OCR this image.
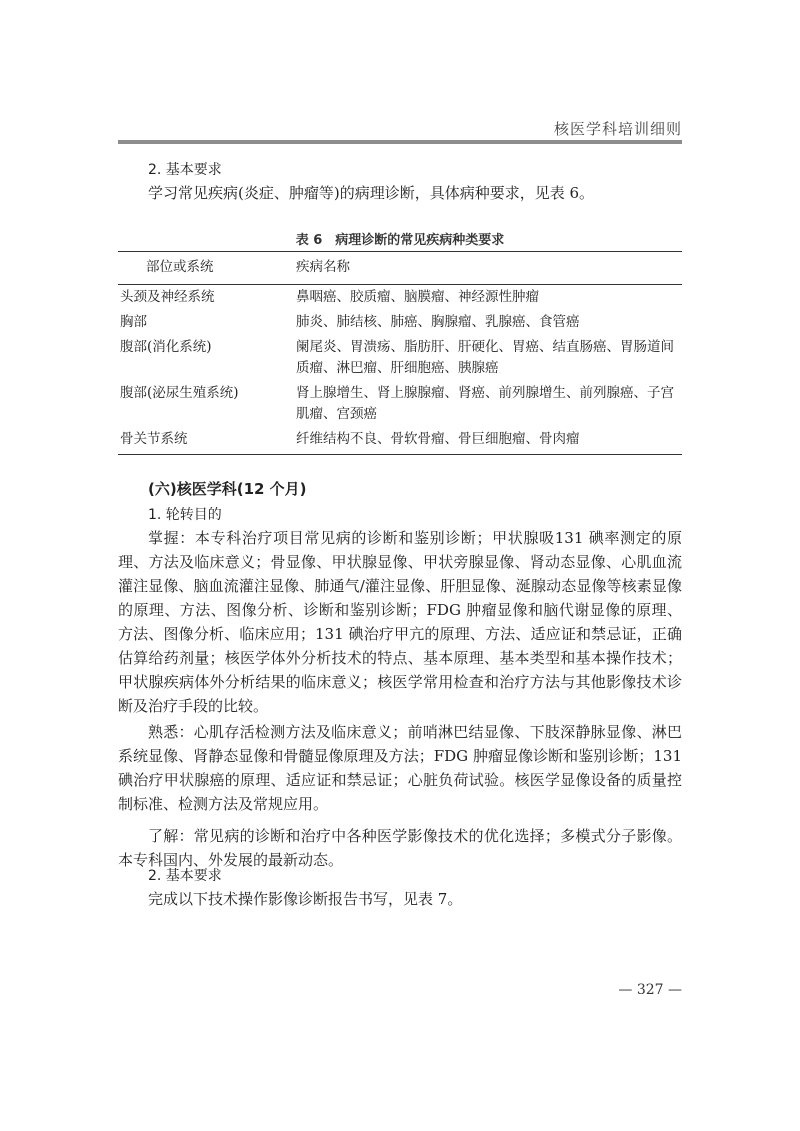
核医学科培训细则

2. 基本要求

学习常见疾病(炎症、肿瘤等)的病理诊断，具体病种要求，见表 6。

表 6　病理诊断的常见疾病种类要求
部位或系统	疾病名称
头颈及神经系统	鼻咽癌、胶质瘤、脑膜瘤、神经源性肿瘤
胸部	肺炎、肺结核、肺癌、胸腺瘤、乳腺癌、食管癌
腹部(消化系统)	阑尾炎、胃溃疡、脂肪肝、肝硬化、胃癌、结直肠癌、胃肠道间质瘤、淋巴瘤、肝细胞癌、胰腺癌
腹部(泌尿生殖系统)	肾上腺增生、肾上腺腺瘤、肾癌、前列腺增生、前列腺癌、子宫肌瘤、宫颈癌
骨关节系统	纤维结构不良、骨软骨瘤、骨巨细胞瘤、骨肉瘤
(六)核医学科(12 个月)

1. 轮转目的

掌握：本专科治疗项目常见病的诊断和鉴别诊断；甲状腺吸131 碘率测定的原理、方法及临床意义；骨显像、甲状腺显像、甲状旁腺显像、肾动态显像、心肌血流灌注显像、脑血流灌注显像、肺通气/灌注显像、肝胆显像、涎腺动态显像等核素显像的原理、方法、图像分析、诊断和鉴别诊断；FDG 肿瘤显像和脑代谢显像的原理、方法、图像分析、临床应用；131 碘治疗甲亢的原理、方法、适应证和禁忌证，正确估算给药剂量；核医学体外分析技术的特点、基本原理、基本类型和基本操作技术；甲状腺疾病体外分析结果的临床意义；核医学常用检查和治疗方法与其他影像技术诊断及治疗手段的比较。

熟悉：心肌存活检测方法及临床意义；前哨淋巴结显像、下肢深静脉显像、淋巴系统显像、肾静态显像和骨髓显像原理及方法；FDG 肿瘤显像诊断和鉴别诊断；131 碘治疗甲状腺癌的原理、适应证和禁忌证；心脏负荷试验。核医学显像设备的质量控制标准、检测方法及常规应用。

了解：常见病的诊断和治疗中各种医学影像技术的优化选择；多模式分子影像。本专科国内、外发展的最新动态。

2. 基本要求

完成以下技术操作影像诊断报告书写，见表 7。

— 327 —
